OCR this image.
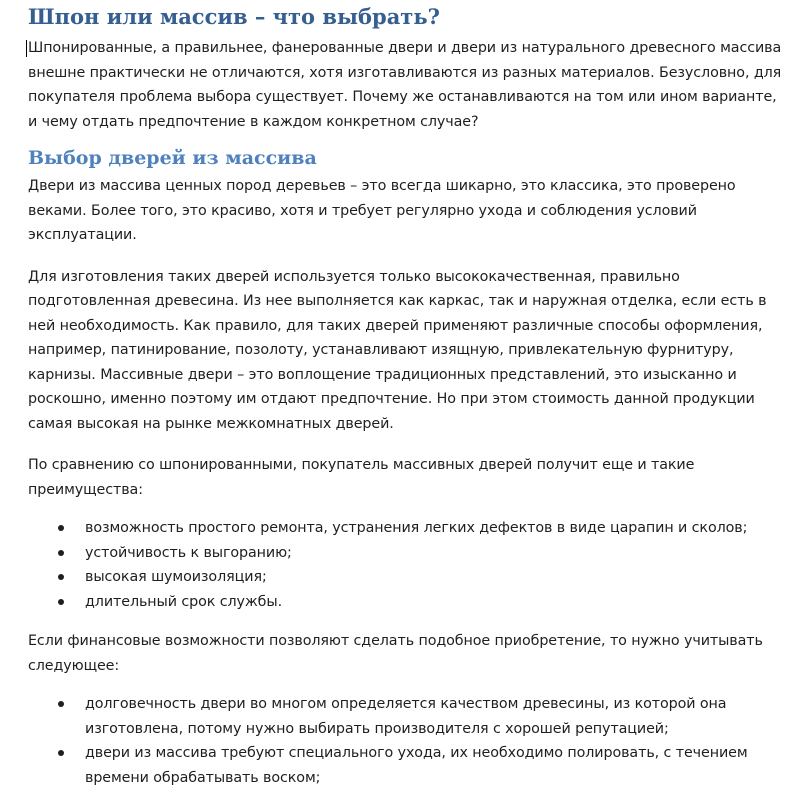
Шпон или массив – что выбрать?

Шпонированные, а правильнее, фанерованные двери и двери из натурального древесного массива внешне практически не отличаются, хотя изготавливаются из разных материалов. Безусловно, для покупателя проблема выбора существует. Почему же останавливаются на том или ином варианте, и чему отдать предпочтение в каждом конкретном случае?

Выбор дверей из массива

Двери из массива ценных пород деревьев – это всегда шикарно, это классика, это проверено веками. Более того, это красиво, хотя и требует регулярно ухода и соблюдения условий эксплуатации.

Для изготовления таких дверей используется только высококачественная, правильно подготовленная древесина. Из нее выполняется как каркас, так и наружная отделка, если есть в ней необходимость. Как правило, для таких дверей применяют различные способы оформления, например, патинирование, позолоту, устанавливают изящную, привлекательную фурнитуру, карнизы. Массивные двери – это воплощение традиционных представлений, это изысканно и роскошно, именно поэтому им отдают предпочтение. Но при этом стоимость данной продукции самая высокая на рынке межкомнатных дверей.

По сравнению со шпонированными, покупатель массивных дверей получит еще и такие преимущества:

возможность простого ремонта, устранения легких дефектов в виде царапин и сколов;
устойчивость к выгоранию;
высокая шумоизоляция;
длительный срок службы.

Если финансовые возможности позволяют сделать подобное приобретение, то нужно учитывать следующее:

долговечность двери во многом определяется качеством древесины, из которой она изготовлена, потому нужно выбирать производителя с хорошей репутацией;
двери из массива требуют специального ухода, их необходимо полировать, с течением времени обрабатывать воском;
